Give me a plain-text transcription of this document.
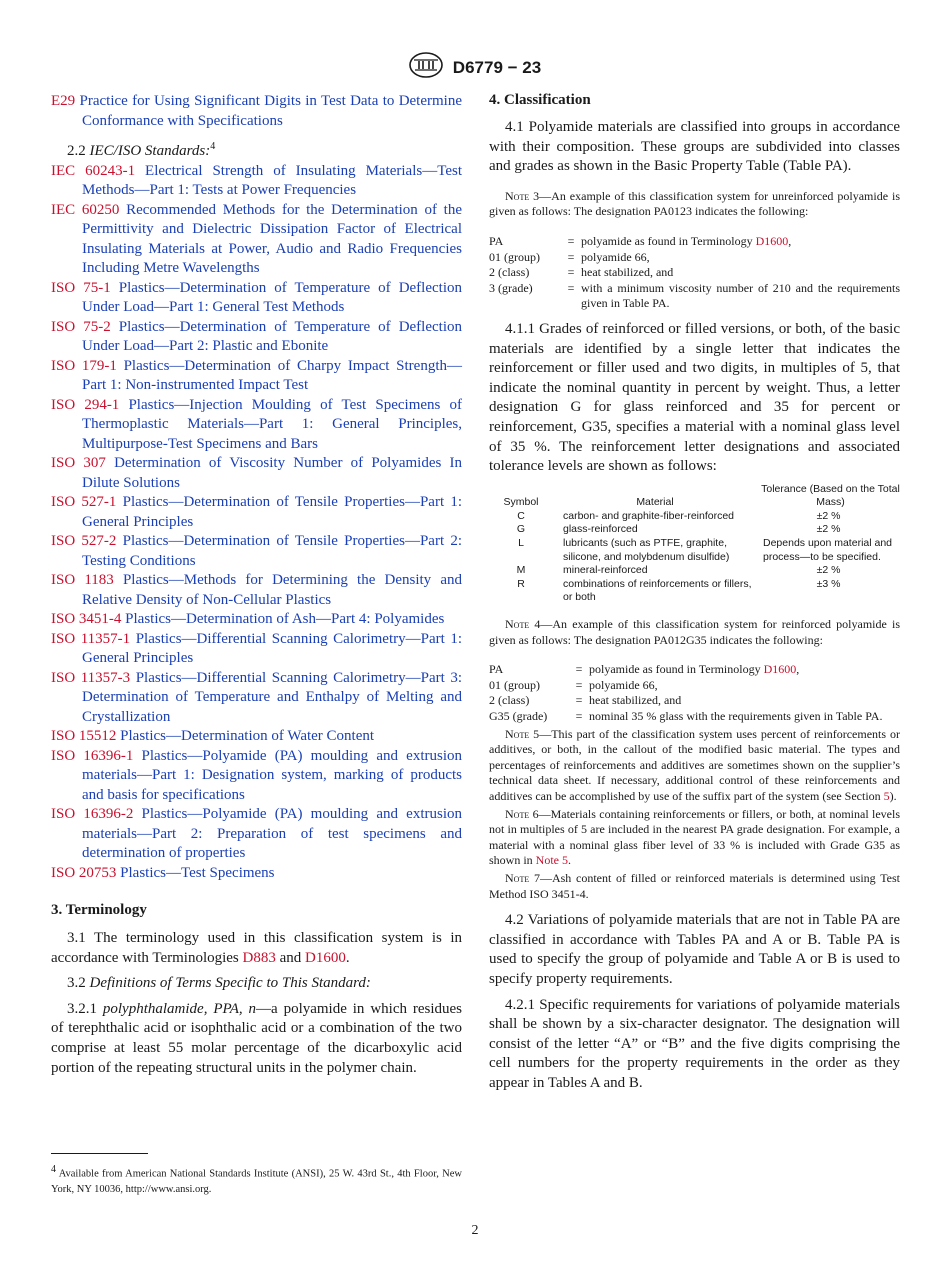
D6779 − 23

E29 Practice for Using Significant Digits in Test Data to Determine Conformance with Specifications

2.2 IEC/ISO Standards:$^4$

IEC 60243-1 Electrical Strength of Insulating Materials—Test Methods—Part 1: Tests at Power Frequencies

IEC 60250 Recommended Methods for the Determination of the Permittivity and Dielectric Dissipation Factor of Electrical Insulating Materials at Power, Audio and Radio Frequencies Including Metre Wavelengths

ISO 75-1 Plastics—Determination of Temperature of Deflection Under Load—Part 1: General Test Methods

ISO 75-2 Plastics—Determination of Temperature of Deflection Under Load—Part 2: Plastic and Ebonite

ISO 179-1 Plastics—Determination of Charpy Impact Strength—Part 1: Non-instrumented Impact Test

ISO 294-1 Plastics—Injection Moulding of Test Specimens of Thermoplastic Materials—Part 1: General Principles, Multipurpose-Test Specimens and Bars

ISO 307 Determination of Viscosity Number of Polyamides In Dilute Solutions

ISO 527-1 Plastics—Determination of Tensile Properties—Part 1: General Principles

ISO 527-2 Plastics—Determination of Tensile Properties—Part 2: Testing Conditions

ISO 1183 Plastics—Methods for Determining the Density and Relative Density of Non-Cellular Plastics

ISO 3451-4 Plastics—Determination of Ash—Part 4: Polyamides

ISO 11357-1 Plastics—Differential Scanning Calorimetry—Part 1: General Principles

ISO 11357-3 Plastics—Differential Scanning Calorimetry—Part 3: Determination of Temperature and Enthalpy of Melting and Crystallization

ISO 15512 Plastics—Determination of Water Content

ISO 16396-1 Plastics—Polyamide (PA) moulding and extrusion materials—Part 1: Designation system, marking of products and basis for specifications

ISO 16396-2 Plastics—Polyamide (PA) moulding and extrusion materials—Part 2: Preparation of test specimens and determination of properties

ISO 20753 Plastics—Test Specimens

3. Terminology

3.1 The terminology used in this classification system is in accordance with Terminologies D883 and D1600.

3.2 Definitions of Terms Specific to This Standard:

3.2.1 polyphthalamide, PPA, n—a polyamide in which residues of terephthalic acid or isophthalic acid or a combination of the two comprise at least 55 molar percentage of the dicarboxylic acid portion of the repeating structural units in the polymer chain.

$^4$ Available from American National Standards Institute (ANSI), 25 W. 43rd St., 4th Floor, New York, NY 10036, http://www.ansi.org.

4. Classification

4.1 Polyamide materials are classified into groups in accordance with their composition. These groups are subdivided into classes and grades as shown in the Basic Property Table (Table PA).

Note 3—An example of this classification system for unreinforced polyamide is given as follows: The designation PA0123 indicates the following:

PA	=	polyamide as found in Terminology D1600,
01 (group)	=	polyamide 66,
2 (class)	=	heat stabilized, and
3 (grade)	=	with a minimum viscosity number of 210 and the requirements given in Table PA.

4.1.1 Grades of reinforced or filled versions, or both, of the basic materials are identified by a single letter that indicates the reinforcement or filler used and two digits, in multiples of 5, that indicate the nominal quantity in percent by weight. Thus, a letter designation G for glass reinforced and 35 for percent or reinforcement, G35, specifies a material with a nominal glass level of 35 %. The reinforcement letter designations and associated tolerance levels are shown as follows:

Symbol	Material	Tolerance (Based on the Total Mass)
C	carbon- and graphite-fiber-reinforced	±2 %
G	glass-reinforced	±2 %
L	lubricants (such as PTFE, graphite, silicone, and molybdenum disulfide)	Depends upon material and process—to be specified.
M	mineral-reinforced	±2 %
R	combinations of reinforcements or fillers, or both	±3 %

Note 4—An example of this classification system for reinforced polyamide is given as follows: The designation PA012G35 indicates the following:

PA	=	polyamide as found in Terminology D1600,
01 (group)	=	polyamide 66,
2 (class)	=	heat stabilized, and
G35 (grade)	=	nominal 35 % glass with the requirements given in Table PA.

Note 5—This part of the classification system uses percent of reinforcements or additives, or both, in the callout of the modified basic material. The types and percentages of reinforcements and additives are sometimes shown on the supplier’s technical data sheet. If necessary, additional control of these reinforcements and additives can be accomplished by use of the suffix part of the system (see Section 5).

Note 6—Materials containing reinforcements or fillers, or both, at nominal levels not in multiples of 5 are included in the nearest PA grade designation. For example, a material with a nominal glass fiber level of 33 % is included with Grade G35 as shown in Note 5.

Note 7—Ash content of filled or reinforced materials is determined using Test Method ISO 3451-4.

4.2 Variations of polyamide materials that are not in Table PA are classified in accordance with Tables PA and A or B. Table PA is used to specify the group of polyamide and Table A or B is used to specify property requirements.

4.2.1 Specific requirements for variations of polyamide materials shall be shown by a six-character designator. The designation will consist of the letter “A” or “B” and the five digits comprising the cell numbers for the property requirements in the order as they appear in Tables A and B.

2
